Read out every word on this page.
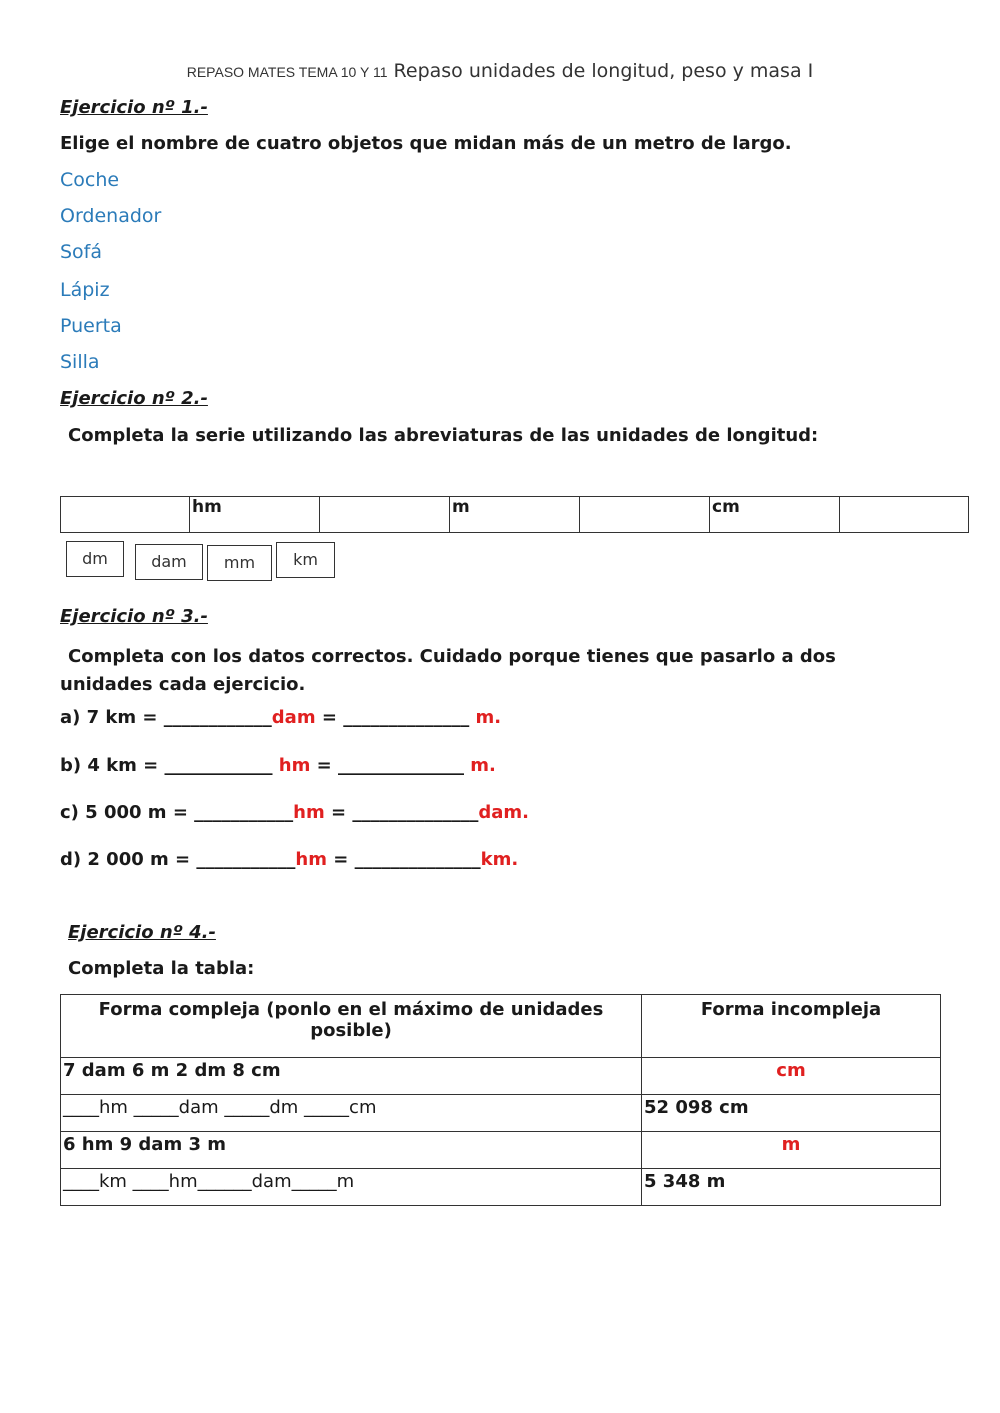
REPASO MATES TEMA 10 Y 11 Repaso unidades de longitud, peso y masa I
Ejercicio nº 1.-
Elige el nombre de cuatro objetos que midan más de un metro de largo.
Coche
Ordenador
Sofá
Lápiz
Puerta
Silla
Ejercicio nº 2.-
Completa la serie utilizando las abreviaturas de las unidades de longitud:
	hm		m		cm	
dm	dam	mm	km
Ejercicio nº 3.-
Completa con los datos correctos. Cuidado porque tienes que pasarlo a dos unidades cada ejercicio.
a) 7 km = ____________dam = ______________ m.
b) 4 km = ____________ hm = ______________ m.
c) 5 000 m = ___________hm = ______________dam.
d) 2 000 m = ___________hm = ______________km.
Ejercicio nº 4.-
Completa la tabla:
Forma compleja (ponlo en el máximo de unidades posible)	Forma incompleja
7 dam 6 m 2 dm 8 cm	cm
____hm _____dam _____dm _____cm	52 098 cm
6 hm 9 dam 3 m	m
____km ____hm______dam_____m	5 348 m
